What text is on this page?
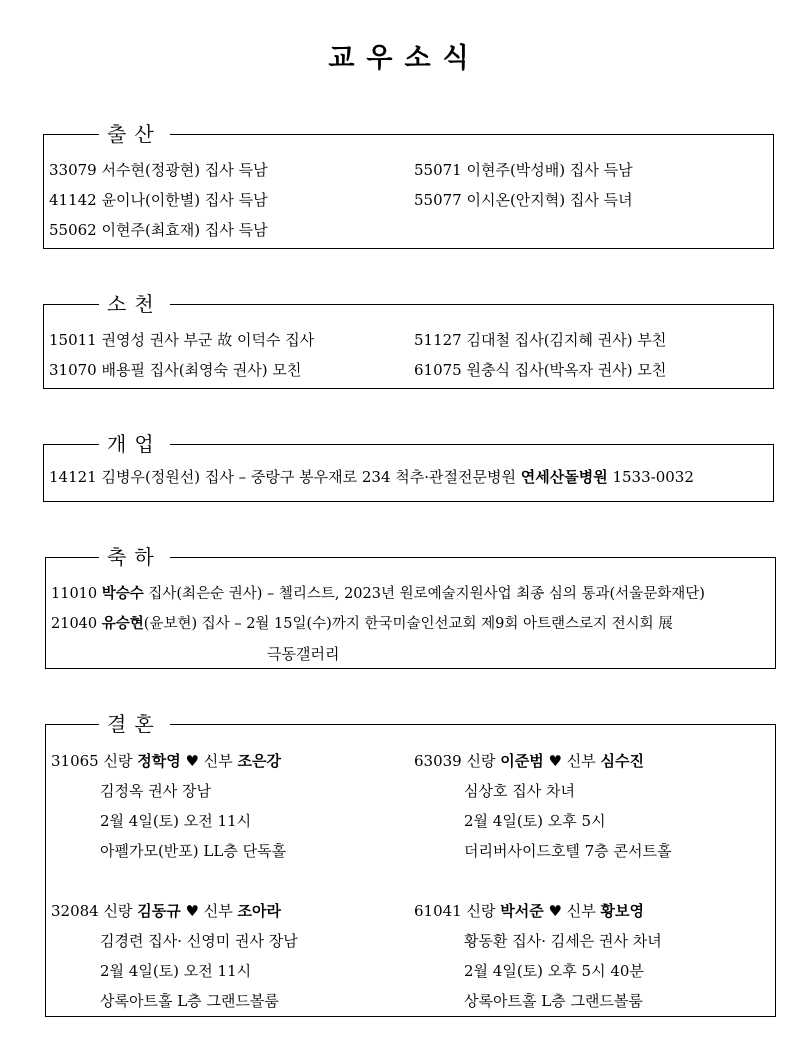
교우소식
출산
33079 서수현(정광현) 집사 득남	55071 이현주(박성배) 집사 득남
41142 윤이나(이한별) 집사 득남	55077 이시온(안지혁) 집사 득녀
55062 이현주(최효재) 집사 득남
소천
15011 권영성 권사 부군 故 이덕수 집사	51127 김대철 집사(김지혜 권사) 부친
31070 배용필 집사(최영숙 권사) 모친	61075 원충식 집사(박옥자 권사) 모친
개업
14121 김병우(정원선) 집사 – 중랑구 봉우재로 234 척추·관절전문병원 연세산돌병원 1533-0032
축하
11010 박승수 집사(최은순 권사) – 첼리스트, 2023년 원로예술지원사업 최종 심의 통과(서울문화재단)
21040 유승현(윤보현) 집사 – 2월 15일(수)까지 한국미술인선교회 제9회 아트랜스로지 전시회 展
극동갤러리
결혼
31065 신랑 정학영 ♥ 신부 조은강
김정옥 권사 장남
2월 4일(토) 오전 11시
아펠가모(반포) LL층 단독홀
63039 신랑 이준범 ♥ 신부 심수진
심상호 집사 차녀
2월 4일(토) 오후 5시
더리버사이드호텔 7층 콘서트홀
32084 신랑 김동규 ♥ 신부 조아라
김경련 집사· 신영미 권사 장남
2월 4일(토) 오전 11시
상록아트홀 L층 그랜드볼룸
61041 신랑 박서준 ♥ 신부 황보영
황동환 집사· 김세은 권사 차녀
2월 4일(토) 오후 5시 40분
상록아트홀 L층 그랜드볼룸
